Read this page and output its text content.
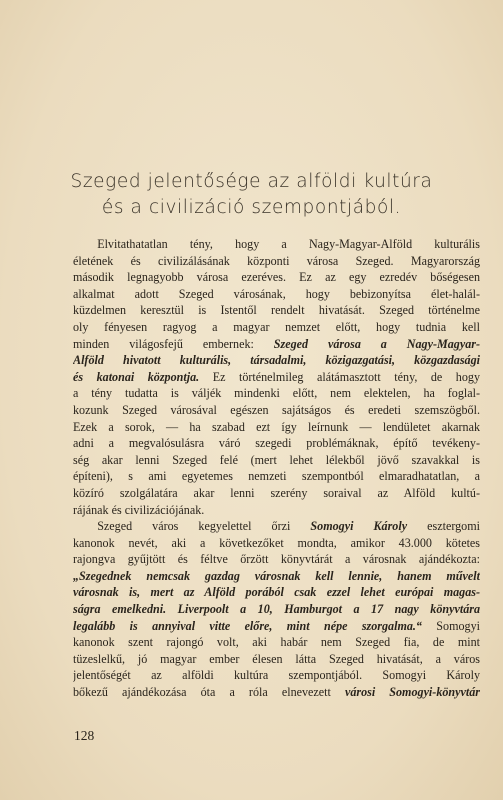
Szeged jelentősége az alföldi kultúra
és a civilizáció szempontjából.
  Elvitathatatlan tény, hogy a Nagy-Magyar-Alföld kulturális
életének és civilizálásának központi városa Szeged. Magyarország
második legnagyobb városa ezeréves. Ez az egy ezredév bőségesen
alkalmat adott Szeged városának, hogy bebizonyítsa élet-halál-
küzdelmen keresztül is Istentől rendelt hivatását. Szeged történelme
oly fényesen ragyog a magyar nemzet előtt, hogy tudnia kell
minden világosfejű embernek: Szeged városa a Nagy-Magyar-
Alföld hivatott kulturális, társadalmi, közigazgatási, közgazdasági
és katonai központja. Ez történelmileg alátámasztott tény, de hogy
a tény tudatta is váljék mindenki előtt, nem elektelen, ha foglal-
kozunk Szeged városával egészen sajátságos és eredeti szemszögből.
Ezek a sorok, — ha szabad ezt így leírnunk — lendületet akarnak
adni a megvalósulásra váró szegedi problémáknak, építő tevékeny-
ség akar lenni Szeged felé (mert lehet lélekből jövő szavakkal is
építeni), s ami egyetemes nemzeti szempontból elmaradhatatlan, a
közíró szolgálatára akar lenni szerény soraival az Alföld kultú-
rájának és civilizációjának.
  Szeged város kegyelettel őrzi Somogyi Károly esztergomi
kanonok nevét, aki a következőket mondta, amikor 43.000 kötetes
rajongva gyűjtött és féltve őrzött könyvtárát a városnak ajándékozta:
„Szegednek nemcsak gazdag városnak kell lennie, hanem művelt
városnak is, mert az Alföld porából csak ezzel lehet európai magas-
ságra emelkedni. Liverpoolt a 10, Hamburgot a 17 nagy könyvtára
legalább is annyival vitte előre, mint népe szorgalma.“ Somogyi
kanonok szent rajongó volt, aki habár nem Szeged fia, de mint
tüzeslelkű, jó magyar ember élesen látta Szeged hivatását, a város
jelentőségét az alföldi kultúra szempontjából. Somogyi Károly
bőkezű ajándékozása óta a róla elnevezett városi Somogyi-könyvtár
128
